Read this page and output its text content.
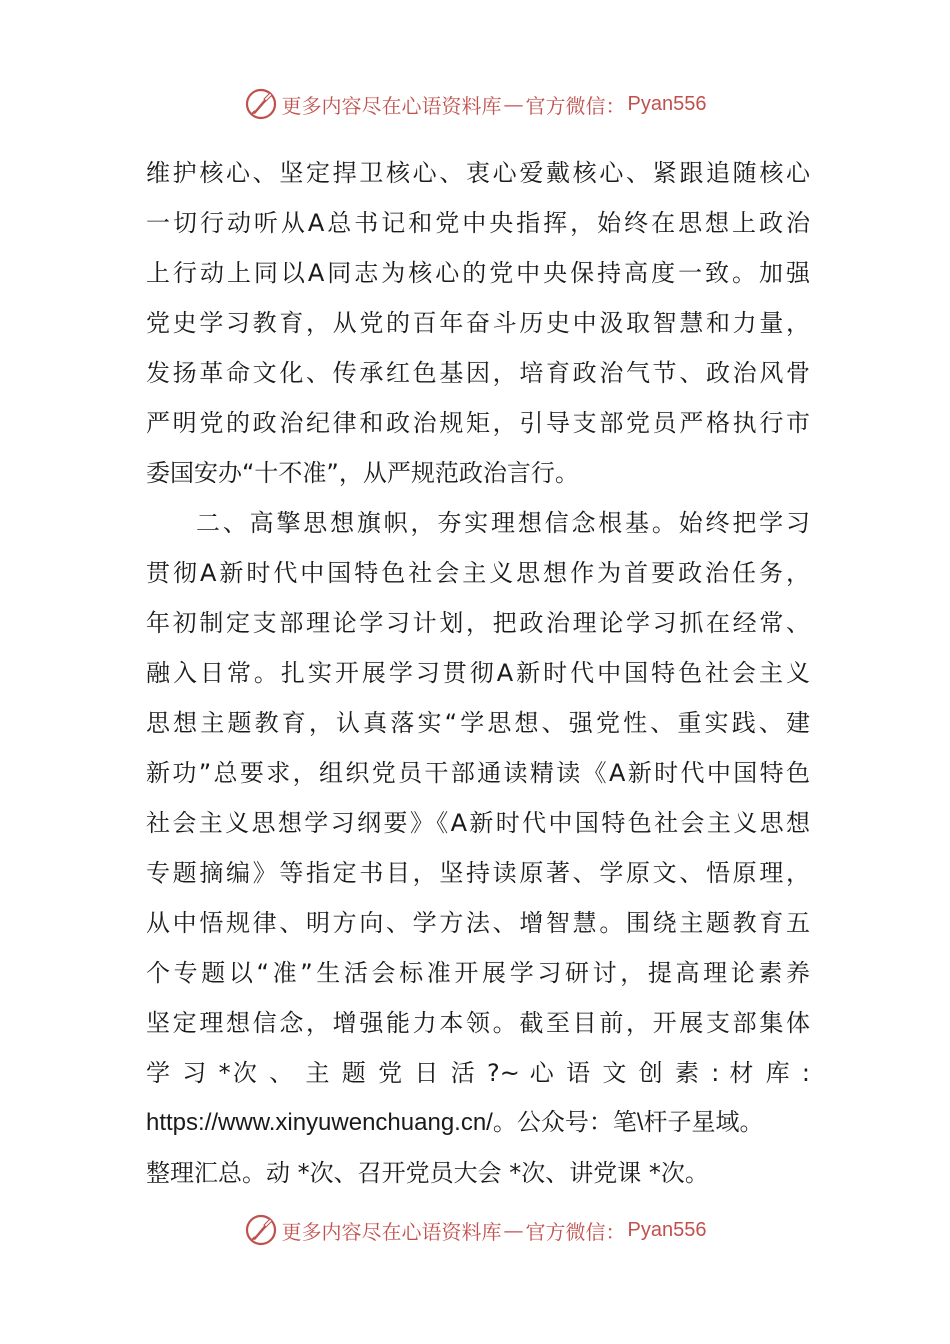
更多内容尽在心语资料库 — 官方微信： Pyan556
维护核心、坚定捍卫核心、衷心爱戴核心、紧跟追随核心
一切行动听从A总书记和党中央指挥，始终在思想上政治
上行动上同以A同志为核心的党中央保持高度一致。加强
党史学习教育，从党的百年奋斗历史中汲取智慧和力量，
发扬革命文化、传承红色基因，培育政治气节、政治风骨
严明党的政治纪律和政治规矩，引导支部党员严格执行市
委国安办“十不准”，从严规范政治言行。
二、高擎思想旗帜，夯实理想信念根基。始终把学习
贯彻A新时代中国特色社会主义思想作为首要政治任务，
年初制定支部理论学习计划，把政治理论学习抓在经常、
融入日常。扎实开展学习贯彻A新时代中国特色社会主义
思想主题教育，认真落实“学思想、强党性、重实践、建
新功”总要求，组织党员干部通读精读《A新时代中国特色
社会主义思想学习纲要》《A新时代中国特色社会主义思想
专题摘编》等指定书目，坚持读原著、学原文、悟原理，
从中悟规律、明方向、学方法、增智慧。围绕主题教育五
个专题以“准”生活会标准开展学习研讨，提高理论素养
坚定理想信念，增强能力本领。截至目前，开展支部集体
学 习 *次 、 主 题 党 日 活 ?~ 心 语 文 创 素 : 材 库 :
https://www.xinyuwenchuang.cn/。公众号：笔\杆子星域。
整理汇总。动 *次、召开党员大会 *次、讲党课 *次。
更多内容尽在心语资料库 — 官方微信： Pyan556
